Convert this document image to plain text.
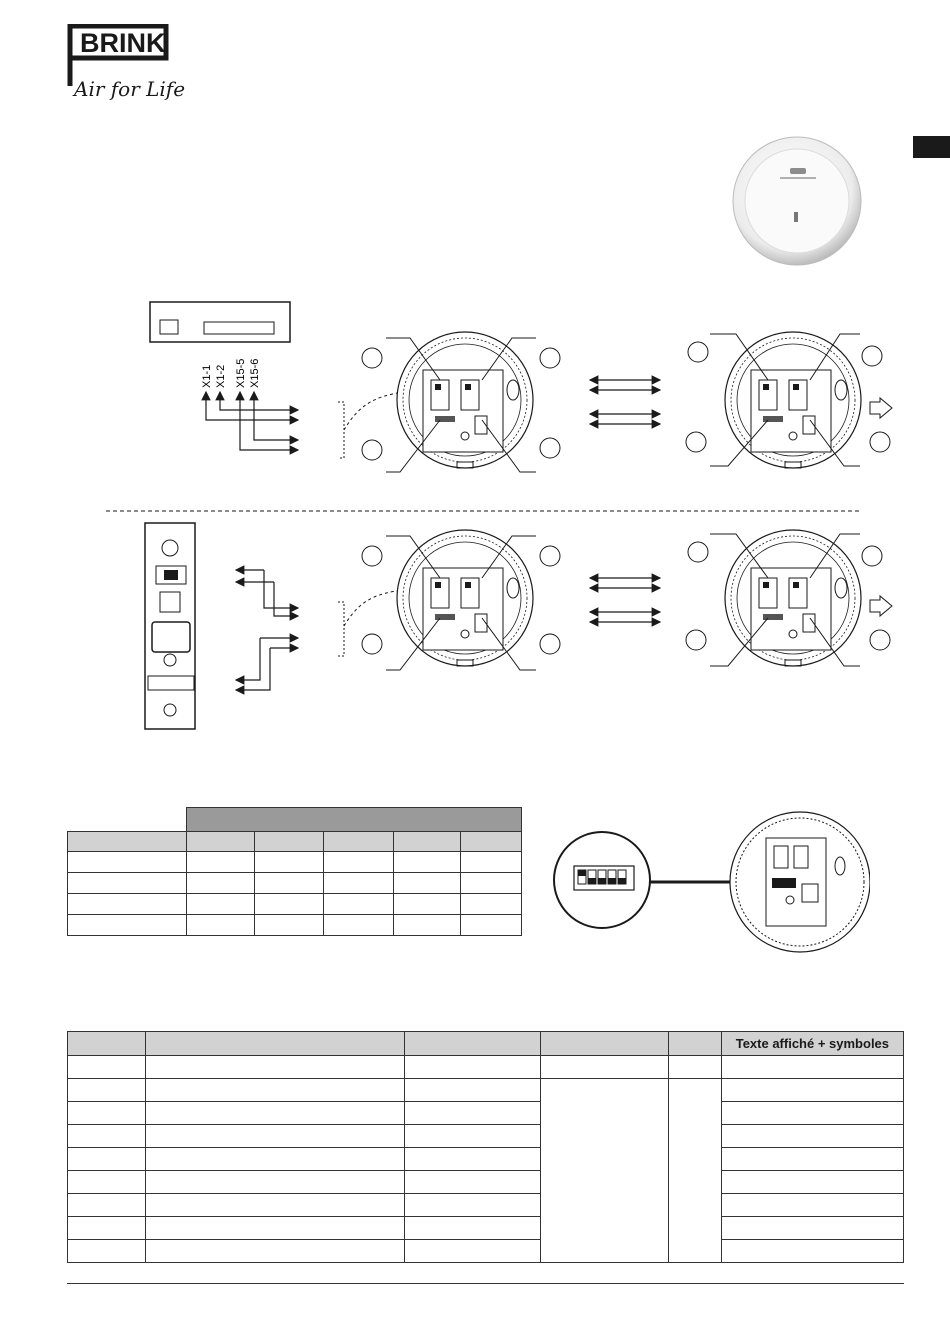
BRINK
Air for Life
X1-1 X1-2 X15-5 X15-6

					Texte affiché + symboles
